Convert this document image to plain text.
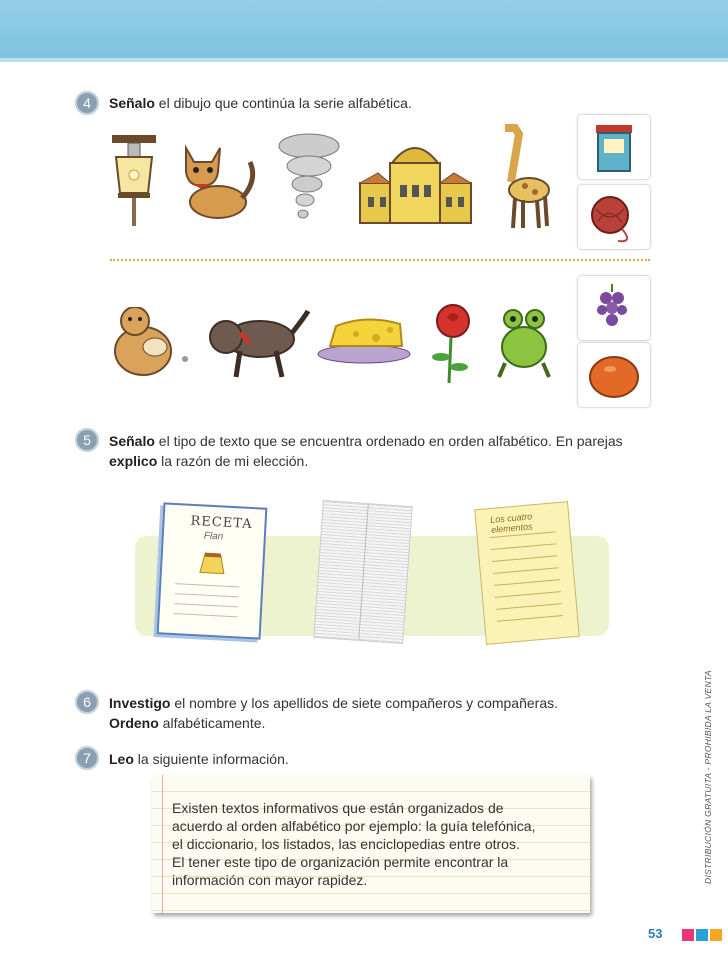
4	Señalo el dibujo que continúa la serie alfabética.
5	Señalo el tipo de texto que se encuentra ordenado en orden alfabético. En parejas
explico la razón de mi elección.
RECETA
Flan
Los cuatro elementos
6	Investigo el nombre y los apellidos de siete compañeros y compañeras.
Ordeno alfabéticamente.
7	Leo la siguiente información.
Existen textos informativos que están organizados de
acuerdo al orden alfabético por ejemplo: la guía telefónica,
el diccionario, los listados, las enciclopedias entre otros.
El tener este tipo de organización permite encontrar la
información con mayor rapidez.	DISTRIBUCIÓN GRATUITA - PROHIBIDA LA VENTA
53
